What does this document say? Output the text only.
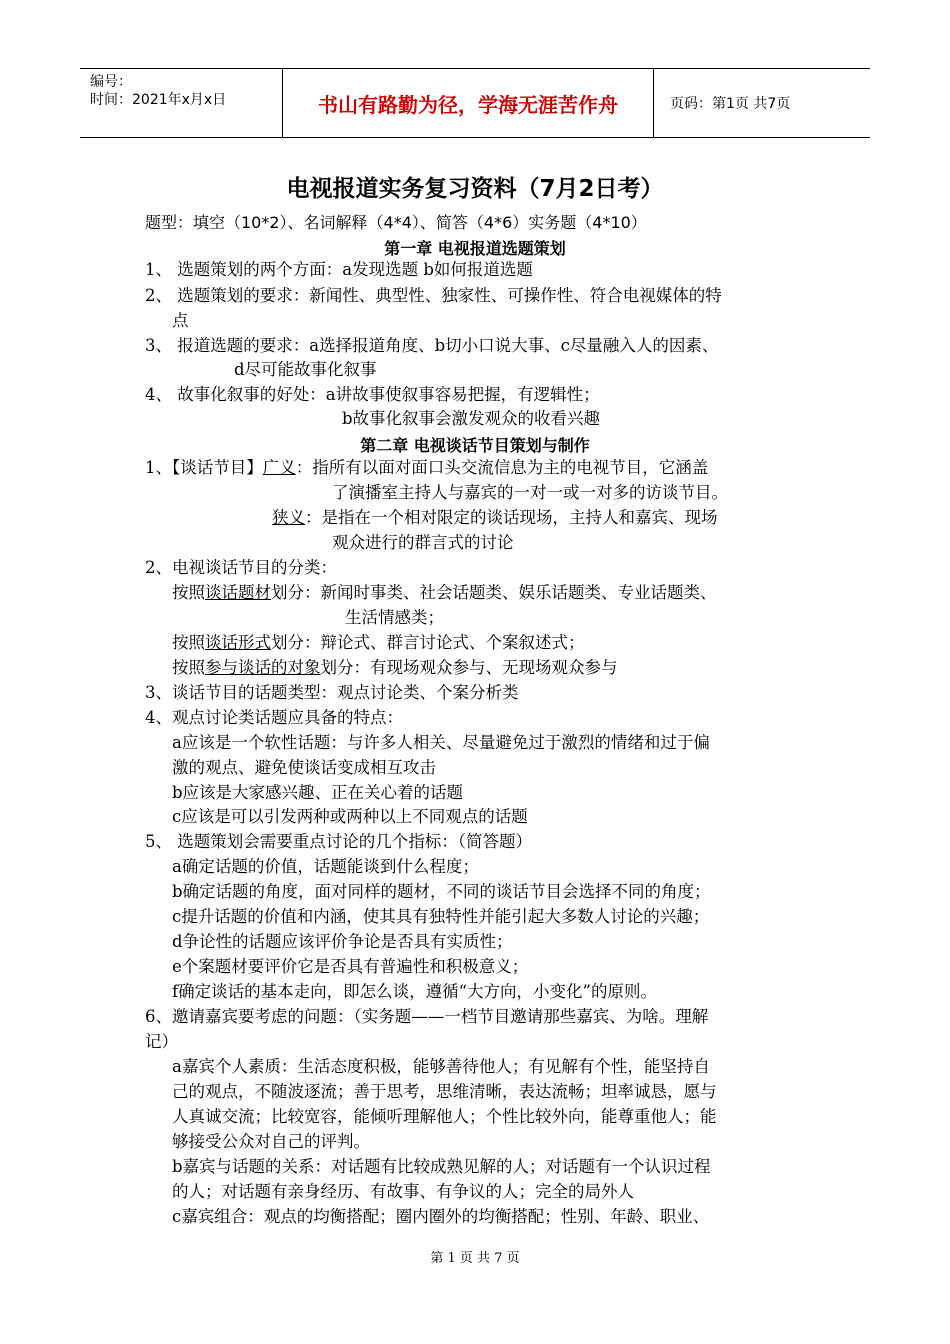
编号：
时间：2021年x月x日	书山有路勤为径，学海无涯苦作舟	页码：第1页 共7页
电视报道实务复习资料（7月2日考）
题型：填空（10*2）、名词解释（4*4）、简答（4*6）实务题（4*10）
第一章 电视报道选题策划
1、 选题策划的两个方面：a发现选题 b如何报道选题
2、 选题策划的要求：新闻性、典型性、独家性、可操作性、符合电视媒体的特
点
3、 报道选题的要求：a选择报道角度、b切小口说大事、c尽量融入人的因素、
d尽可能故事化叙事
4、 故事化叙事的好处：a讲故事使叙事容易把握，有逻辑性；
b故事化叙事会激发观众的收看兴趣
第二章 电视谈话节目策划与制作
1、【谈话节目】广义：指所有以面对面口头交流信息为主的电视节目，它涵盖
了演播室主持人与嘉宾的一对一或一对多的访谈节目。
狭义：是指在一个相对限定的谈话现场，主持人和嘉宾、现场
观众进行的群言式的讨论
2、电视谈话节目的分类：
按照谈话题材划分：新闻时事类、社会话题类、娱乐话题类、专业话题类、
生活情感类；
按照谈话形式划分：辩论式、群言讨论式、个案叙述式；
按照参与谈话的对象划分：有现场观众参与、无现场观众参与
3、谈话节目的话题类型：观点讨论类、个案分析类
4、观点讨论类话题应具备的特点：
a应该是一个软性话题：与许多人相关、尽量避免过于激烈的情绪和过于偏
激的观点、避免使谈话变成相互攻击
b应该是大家感兴趣、正在关心着的话题
c应该是可以引发两种或两种以上不同观点的话题
5、 选题策划会需要重点讨论的几个指标：（简答题）
a确定话题的价值，话题能谈到什么程度；
b确定话题的角度，面对同样的题材，不同的谈话节目会选择不同的角度；
c提升话题的价值和内涵，使其具有独特性并能引起大多数人讨论的兴趣；
d争论性的话题应该评价争论是否具有实质性；
e个案题材要评价它是否具有普遍性和积极意义；
f确定谈话的基本走向，即怎么谈，遵循“大方向，小变化”的原则。
6、邀请嘉宾要考虑的问题：（实务题——一档节目邀请那些嘉宾、为啥。理解
记）
a嘉宾个人素质：生活态度积极，能够善待他人；有见解有个性，能坚持自
己的观点，不随波逐流；善于思考，思维清晰，表达流畅；坦率诚恳，愿与
人真诚交流；比较宽容，能倾听理解他人；个性比较外向，能尊重他人；能
够接受公众对自己的评判。
b嘉宾与话题的关系：对话题有比较成熟见解的人；对话题有一个认识过程
的人；对话题有亲身经历、有故事、有争议的人；完全的局外人
c嘉宾组合：观点的均衡搭配；圈内圈外的均衡搭配；性别、年龄、职业、
第 1 页 共 7 页
